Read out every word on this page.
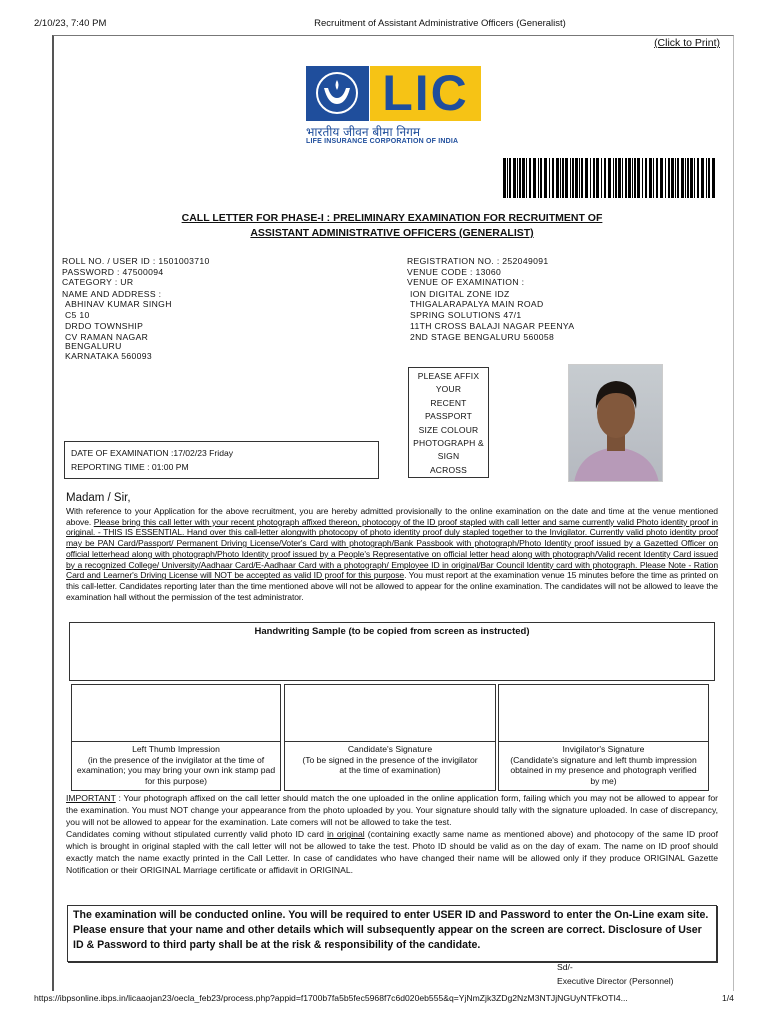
2/10/23, 7:40 PM	Recruitment of Assistant Administrative Officers (Generalist)
(Click to Print)
LIC
भारतीय जीवन बीमा निगम
LIFE INSURANCE CORPORATION OF INDIA
CALL LETTER FOR PHASE-I : PRELIMINARY EXAMINATION FOR RECRUITMENT OF
ASSISTANT ADMINISTRATIVE OFFICERS (GENERALIST)
ROLL NO. / USER ID : 1501003710
PASSWORD : 47500094
CATEGORY : UR
NAME AND ADDRESS :
ABHINAV KUMAR SINGH
C5 10
DRDO TOWNSHIP
CV RAMAN NAGAR
BENGALURU
KARNATAKA 560093
REGISTRATION NO. : 252049091
VENUE CODE : 13060
VENUE OF EXAMINATION :
ION DIGITAL ZONE IDZ
THIGALARAPALYA MAIN ROAD
SPRING SOLUTIONS 47/1
11TH CROSS BALAJI NAGAR PEENYA
2ND STAGE BENGALURU 560058
PLEASE AFFIX YOUR
RECENT PASSPORT
SIZE COLOUR
PHOTOGRAPH & SIGN
ACROSS
DATE OF EXAMINATION :17/02/23 Friday
REPORTING TIME : 01:00 PM
Madam / Sir,
With reference to your Application for the above recruitment, you are hereby admitted provisionally to the online examination on the date and time at the venue mentioned above. Please bring this call letter with your recent photograph affixed thereon, photocopy of the ID proof stapled with call letter and same currently valid Photo identity proof in original. - THIS IS ESSENTIAL. Hand over this call-letter alongwith photocopy of photo identity proof duly stapled together to the Invigilator. Currently valid photo identity proof may be PAN Card/Passport/ Permanent Driving License/Voter's Card with photograph/Bank Passbook with photograph/Photo Identity proof issued by a Gazetted Officer on official letterhead along with photograph/Photo Identity proof issued by a People's Representative on official letter head along with photograph/Valid recent Identity Card issued by a recognized College/ University/Aadhaar Card/E-Aadhaar Card with a photograph/ Employee ID in original/Bar Council Identity card with photograph. Please Note - Ration Card and Learner's Driving License will NOT be accepted as valid ID proof for this purpose. You must report at the examination venue 15 minutes before the time as printed on this call-letter. Candidates reporting later than the time mentioned above will not be allowed to appear for the online examination. The candidates will not be allowed to leave the examination hall without the permission of the test administrator.
Handwriting Sample (to be copied from screen as instructed)
Left Thumb Impression
(in the presence of the invigilator at the time of examination; you may bring your own ink stamp pad for this purpose)
Candidate's Signature
(To be signed in the presence of the invigilator at the time of examination)
Invigilator's Signature
(Candidate's signature and left thumb impression obtained in my presence and photograph verified by me)
IMPORTANT : Your photograph affixed on the call letter should match the one uploaded in the online application form, failing which you may not be allowed to appear for the examination. You must NOT change your appearance from the photo uploaded by you. Your signature should tally with the signature uploaded. In case of discrepancy, you will not be allowed to appear for the examination. Late comers will not be allowed to take the test.
Candidates coming without stipulated currently valid photo ID card in original (containing exactly same name as mentioned above) and photocopy of the same ID proof which is brought in original stapled with the call letter will not be allowed to take the test. Photo ID should be valid as on the day of exam. The name on ID proof should exactly match the name exactly printed in the Call Letter. In case of candidates who have changed their name will be allowed only if they produce ORIGINAL Gazette Notification or their ORIGINAL Marriage certificate or affidavit in ORIGINAL.
The examination will be conducted online. You will be required to enter USER ID and Password to enter the On-Line exam site. Please ensure that your name and other details which will subsequently appear on the screen are correct. Disclosure of User ID & Password to third party shall be at the risk & responsibility of the candidate.
Sd/-
Executive Director (Personnel)
https://ibpsonline.ibps.in/licaaojan23/oecla_feb23/process.php?appid=f1700b7fa5b5fec5968f7c6d020eb555&q=YjNmZjk3ZDg2NzM3NTJjNGUyNTFkOTI4...	1/4
